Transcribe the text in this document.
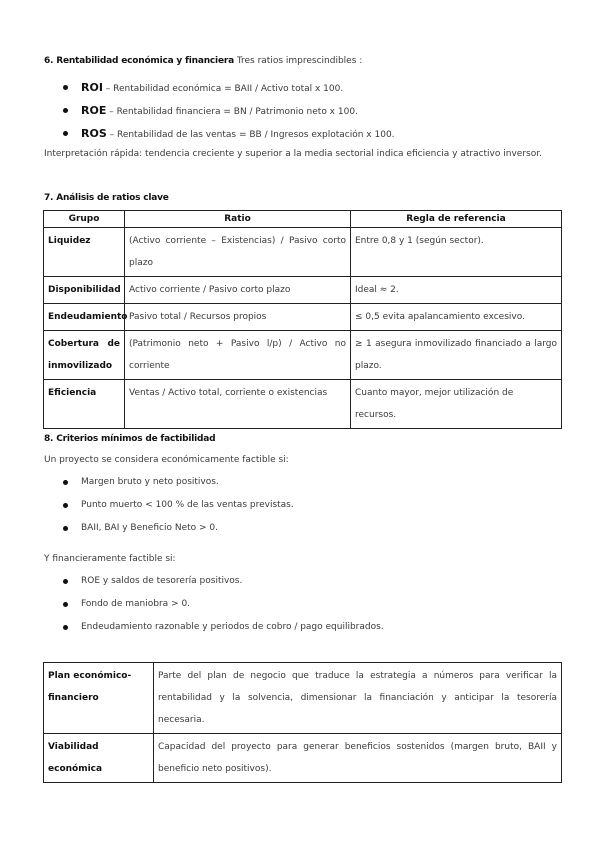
6. Rentabilidad económica y financiera Tres ratios imprescindibles :
ROI – Rentabilidad económica = BAII / Activo total x 100.
ROE – Rentabilidad financiera = BN / Patrimonio neto x 100.
ROS – Rentabilidad de las ventas = BB / Ingresos explotación x 100.
Interpretación rápida: tendencia creciente y superior a la media sectorial indica eficiencia y atractivo inversor.
7. Análisis de ratios clave
Grupo	Ratio	Regla de referencia
Liquidez	(Activo corriente – Existencias) / Pasivo corto plazo	Entre 0,8 y 1 (según sector).
Disponibilidad	Activo corriente / Pasivo corto plazo	Ideal ≈ 2.
Endeudamiento	Pasivo total / Recursos propios	≤ 0,5 evita apalancamiento excesivo.
Cobertura de inmovilizado	(Patrimonio neto + Pasivo l/p) / Activo no corriente	≥ 1 asegura inmovilizado financiado a largo plazo.
Eficiencia	Ventas / Activo total, corriente o existencias	Cuanto mayor, mejor utilización de recursos.
8. Criterios mínimos de factibilidad
Un proyecto se considera económicamente factible si:
Margen bruto y neto positivos.
Punto muerto < 100 % de las ventas previstas.
BAII, BAI y Beneficio Neto > 0.
Y financieramente factible si:
ROE y saldos de tesorería positivos.
Fondo de maniobra > 0.
Endeudamiento razonable y periodos de cobro / pago equilibrados.
Plan económico-financiero	Parte del plan de negocio que traduce la estrategia a números para verificar la rentabilidad y la solvencia, dimensionar la financiación y anticipar la tesorería necesaria.
Viabilidad económica	Capacidad del proyecto para generar beneficios sostenidos (margen bruto, BAII y beneficio neto positivos).
